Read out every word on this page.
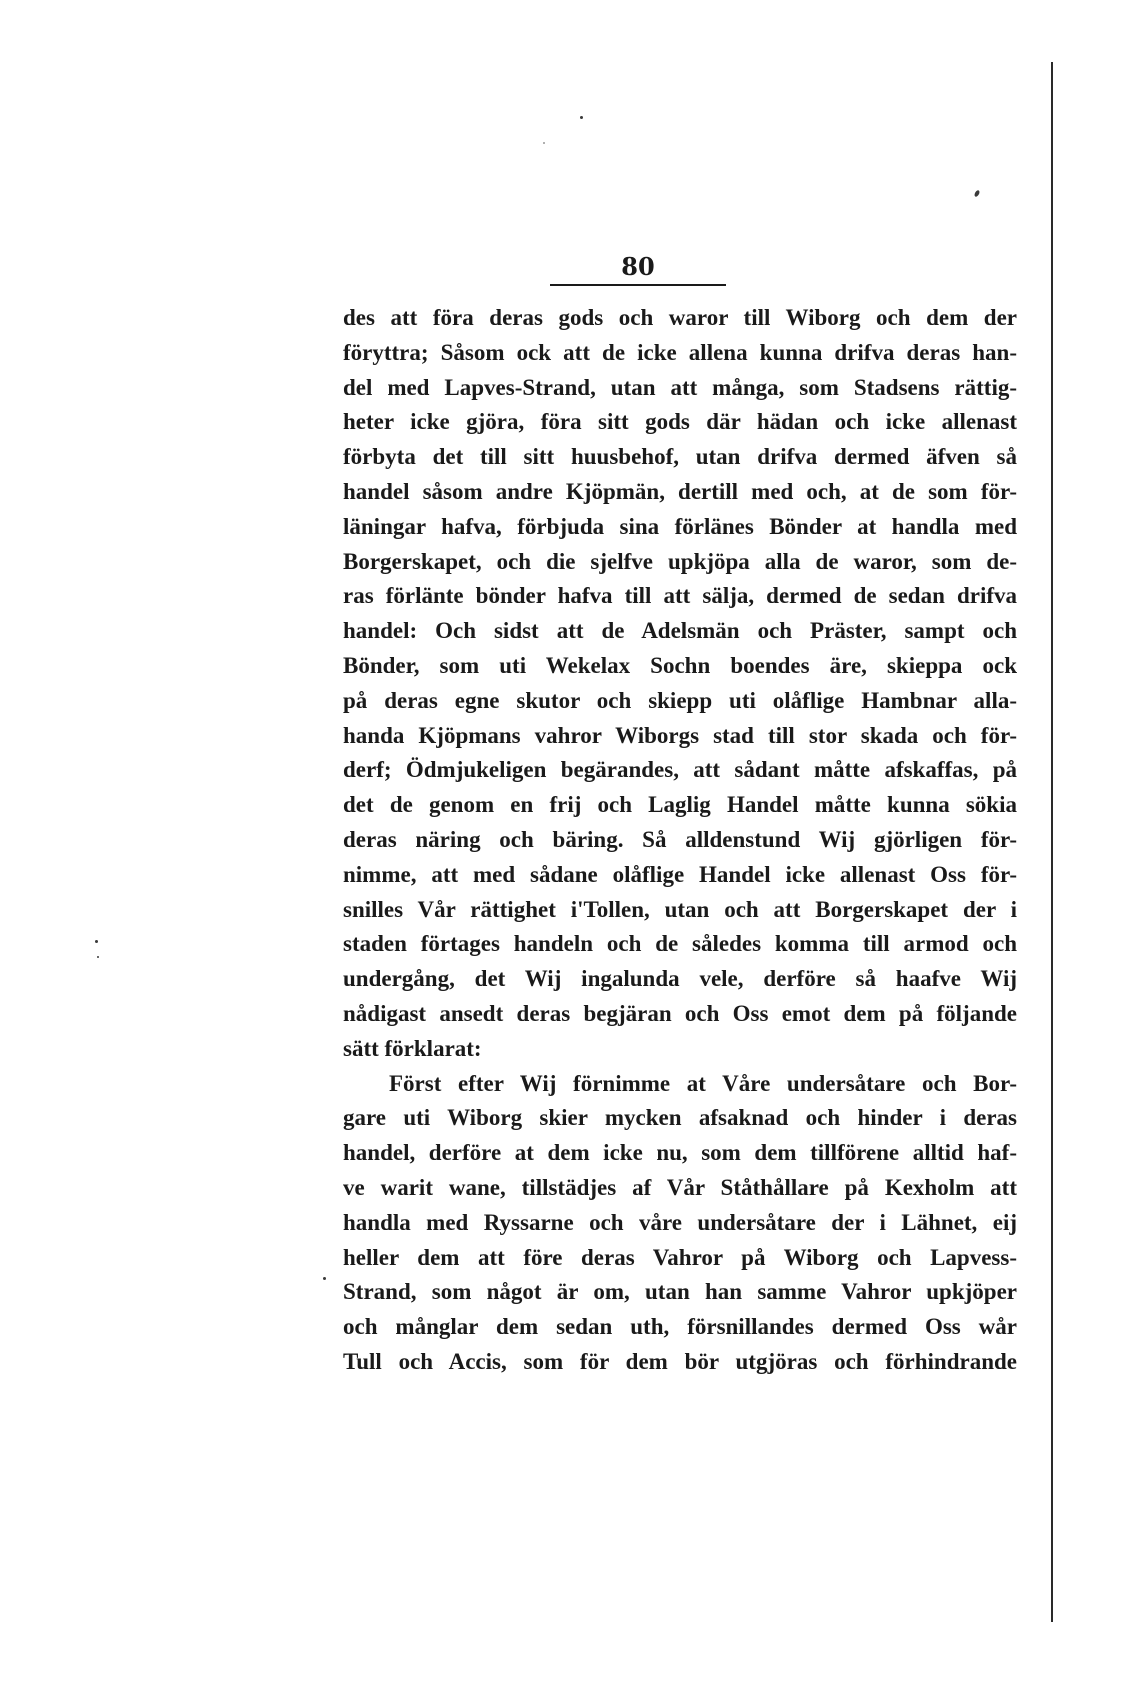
80
des att föra deras gods och waror till Wiborg och dem der
föryttra; Såsom ock att de icke allena kunna drifva deras han-
del med Lapves-Strand, utan att många, som Stadsens rättig-
heter icke gjöra, föra sitt gods där hädan och icke allenast
förbyta det till sitt huusbehof, utan drifva dermed äfven så
handel såsom andre Kjöpmän, dertill med och, at de som för-
läningar hafva, förbjuda sina förlänes Bönder at handla med
Borgerskapet, och die sjelfve upkjöpa alla de waror, som de-
ras förlänte bönder hafva till att sälja, dermed de sedan drifva
handel: Och sidst att de Adelsmän och Präster, sampt och
Bönder, som uti Wekelax Sochn boendes äre, skieppa ock
på deras egne skutor och skiepp uti olåflige Hambnar alla-
handa Kjöpmans vahror Wiborgs stad till stor skada och för-
derf; Ödmjukeligen begärandes, att sådant måtte afskaffas, på
det de genom en frij och Laglig Handel måtte kunna sökia
deras näring och bäring. Så alldenstund Wij gjörligen för-
nimme, att med sådane olåflige Handel icke allenast Oss för-
snilles Vår rättighet i'Tollen, utan och att Borgerskapet der i
staden förtages handeln och de således komma till armod och
undergång, det Wij ingalunda vele, derföre så haafve Wij
nådigast ansedt deras begjäran och Oss emot dem på följande
sätt förklarat:
Först efter Wij förnimme at Våre undersåtare och Bor-
gare uti Wiborg skier mycken afsaknad och hinder i deras
handel, derföre at dem icke nu, som dem tillförene alltid haf-
ve warit wane, tillstädjes af Vår Ståthållare på Kexholm att
handla med Ryssarne och våre undersåtare der i Lähnet, eij
heller dem att före deras Vahror på Wiborg och Lapvess-
Strand, som något är om, utan han samme Vahror upkjöper
och månglar dem sedan uth, försnillandes dermed Oss wår
Tull och Accis, som för dem bör utgjöras och förhindrande
